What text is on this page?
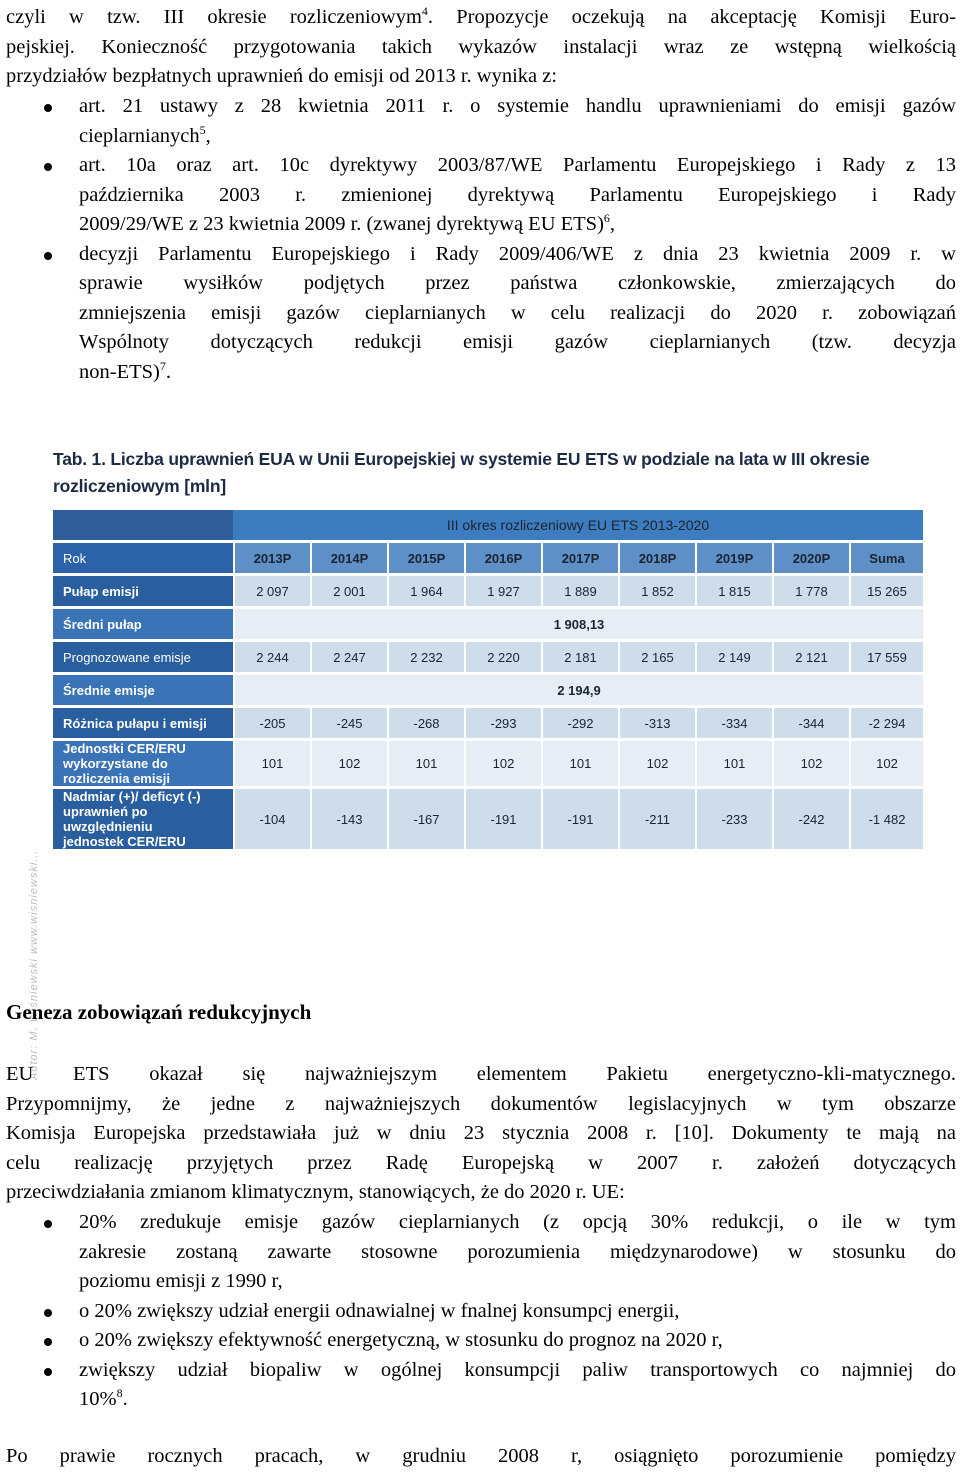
czyli w tzw. III okresie rozliczeniowym$^4$. Propozycje oczekują na akceptację Komisji Euro-
pejskiej. Konieczność przygotowania takich wykazów instalacji wraz ze wstępną wielkością
przydziałów bezpłatnych uprawnień do emisji od 2013 r. wynika z:
art. 21 ustawy z 28 kwietnia 2011 r. o systemie handlu uprawnieniami do emisji gazów
cieplarnianych$^5$,
art. 10a oraz art. 10c dyrektywy 2003/87/WE Parlamentu Europejskiego i Rady z 13
października 2003 r. zmienionej dyrektywą Parlamentu Europejskiego i Rady
2009/29/WE z 23 kwietnia 2009 r. (zwanej dyrektywą EU ETS)$^6$,
decyzji Parlamentu Europejskiego i Rady 2009/406/WE z dnia 23 kwietnia 2009 r. w
sprawie wysiłków podjętych przez państwa członkowskie, zmierzających do
zmniejszenia emisji gazów cieplarnianych w celu realizacji do 2020 r. zobowiązań
Wspólnoty dotyczących redukcji emisji gazów cieplarnianych (tzw. decyzja
non-ETS)$^7$.
Tab. 1. Liczba uprawnień EUA w Unii Europejskiej w systemie EU ETS w podziale na lata w III okresie
rozliczeniowym [mln]
Autor: M. Wiśniewski www.wisniewski...
	III okres rozliczeniowy EU ETS 2013-2020								
Rok	2013P	2014P	2015P	2016P	2017P	2018P	2019P	2020P	Suma
Pułap emisji	2 097	2 001	1 964	1 927	1 889	1 852	1 815	1 778	15 265
Średni pułap	1 908,13								
Prognozowane emisje	2 244	2 247	2 232	2 220	2 181	2 165	2 149	2 121	17 559
Średnie emisje	2 194,9								
Różnica pułapu i emisji	-205	-245	-268	-293	-292	-313	-334	-344	-2 294
Jednostki CER/ERU wykorzystane do rozliczenia emisji	101	102	101	102	101	102	101	102	102
Nadmiar (+)/ deficyt (-) uprawnień po uwzględnieniu jednostek CER/ERU	-104	-143	-167	-191	-191	-211	-233	-242	-1 482
Geneza zobowiązań redukcyjnych
EU ETS okazał się najważniejszym elementem Pakietu energetyczno-kli-matycznego.
Przypomnijmy, że jedne z najważniejszych dokumentów legislacyjnych w tym obszarze
Komisja Europejska przedstawiała już w dniu 23 stycznia 2008 r. [10]. Dokumenty te mają na
celu realizację przyjętych przez Radę Europejską w 2007 r. założeń dotyczących
przeciwdziałania zmianom klimatycznym, stanowiących, że do 2020 r. UE:
20% zredukuje emisje gazów cieplarnianych (z opcją 30% redukcji, o ile w tym
zakresie zostaną zawarte stosowne porozumienia międzynarodowe) w stosunku do
poziomu emisji z 1990 r,
o 20% zwiększy udział energii odnawialnej w fnalnej konsumpcj energii,
o 20% zwiększy efektywność energetyczną, w stosunku do prognoz na 2020 r,
zwiększy udział biopaliw w ogólnej konsumpcji paliw transportowych co najmniej do
10%$^8$.
Po prawie rocznych pracach, w grudniu 2008 r, osiągnięto porozumienie pomiędzy
